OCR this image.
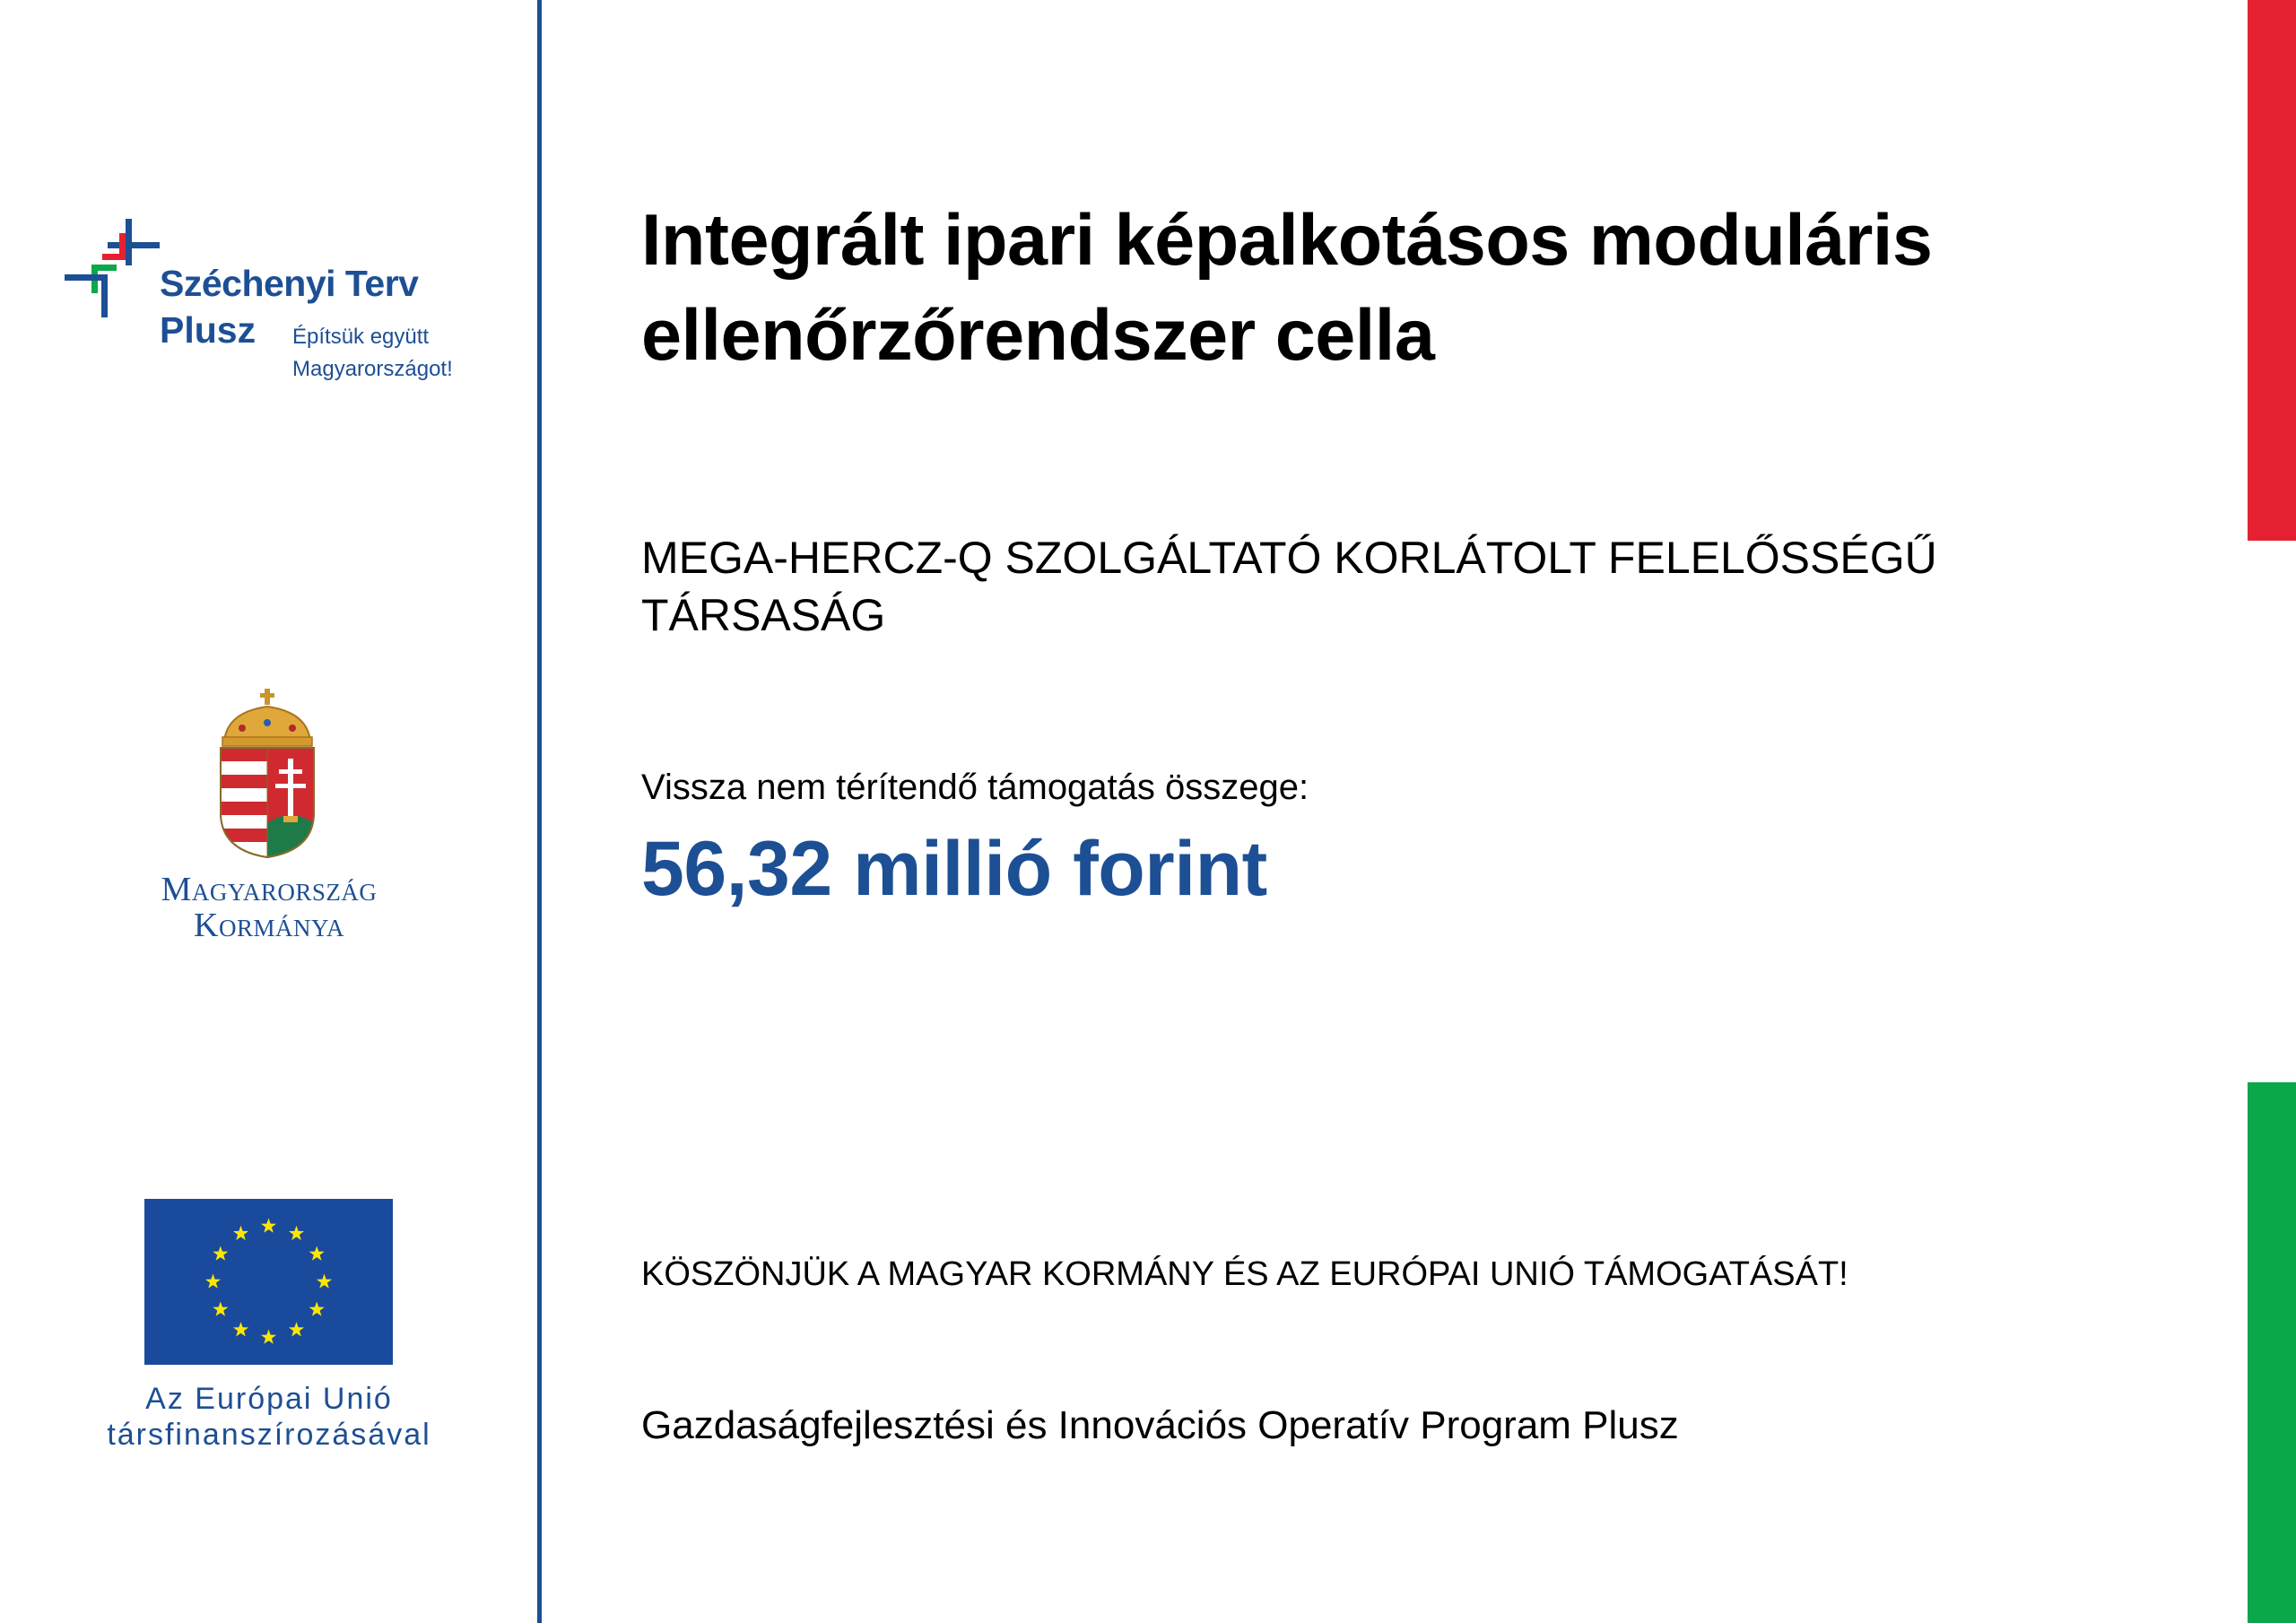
Széchenyi Terv
Plusz Építsük együtt
Magyarországot!
Magyarország
Kormánya
Az Európai Unió
társfinanszírozásával
Integrált ipari képalkotásos moduláris ellenőrzőrendszer cella
MEGA-HERCZ-Q SZOLGÁLTATÓ KORLÁTOLT FELELŐSSÉGŰ TÁRSASÁG
Vissza nem térítendő támogatás összege:
56,32 millió forint
KÖSZÖNJÜK A MAGYAR KORMÁNY ÉS AZ EURÓPAI UNIÓ TÁMOGATÁSÁT!
Gazdaságfejlesztési és Innovációs Operatív Program Plusz
